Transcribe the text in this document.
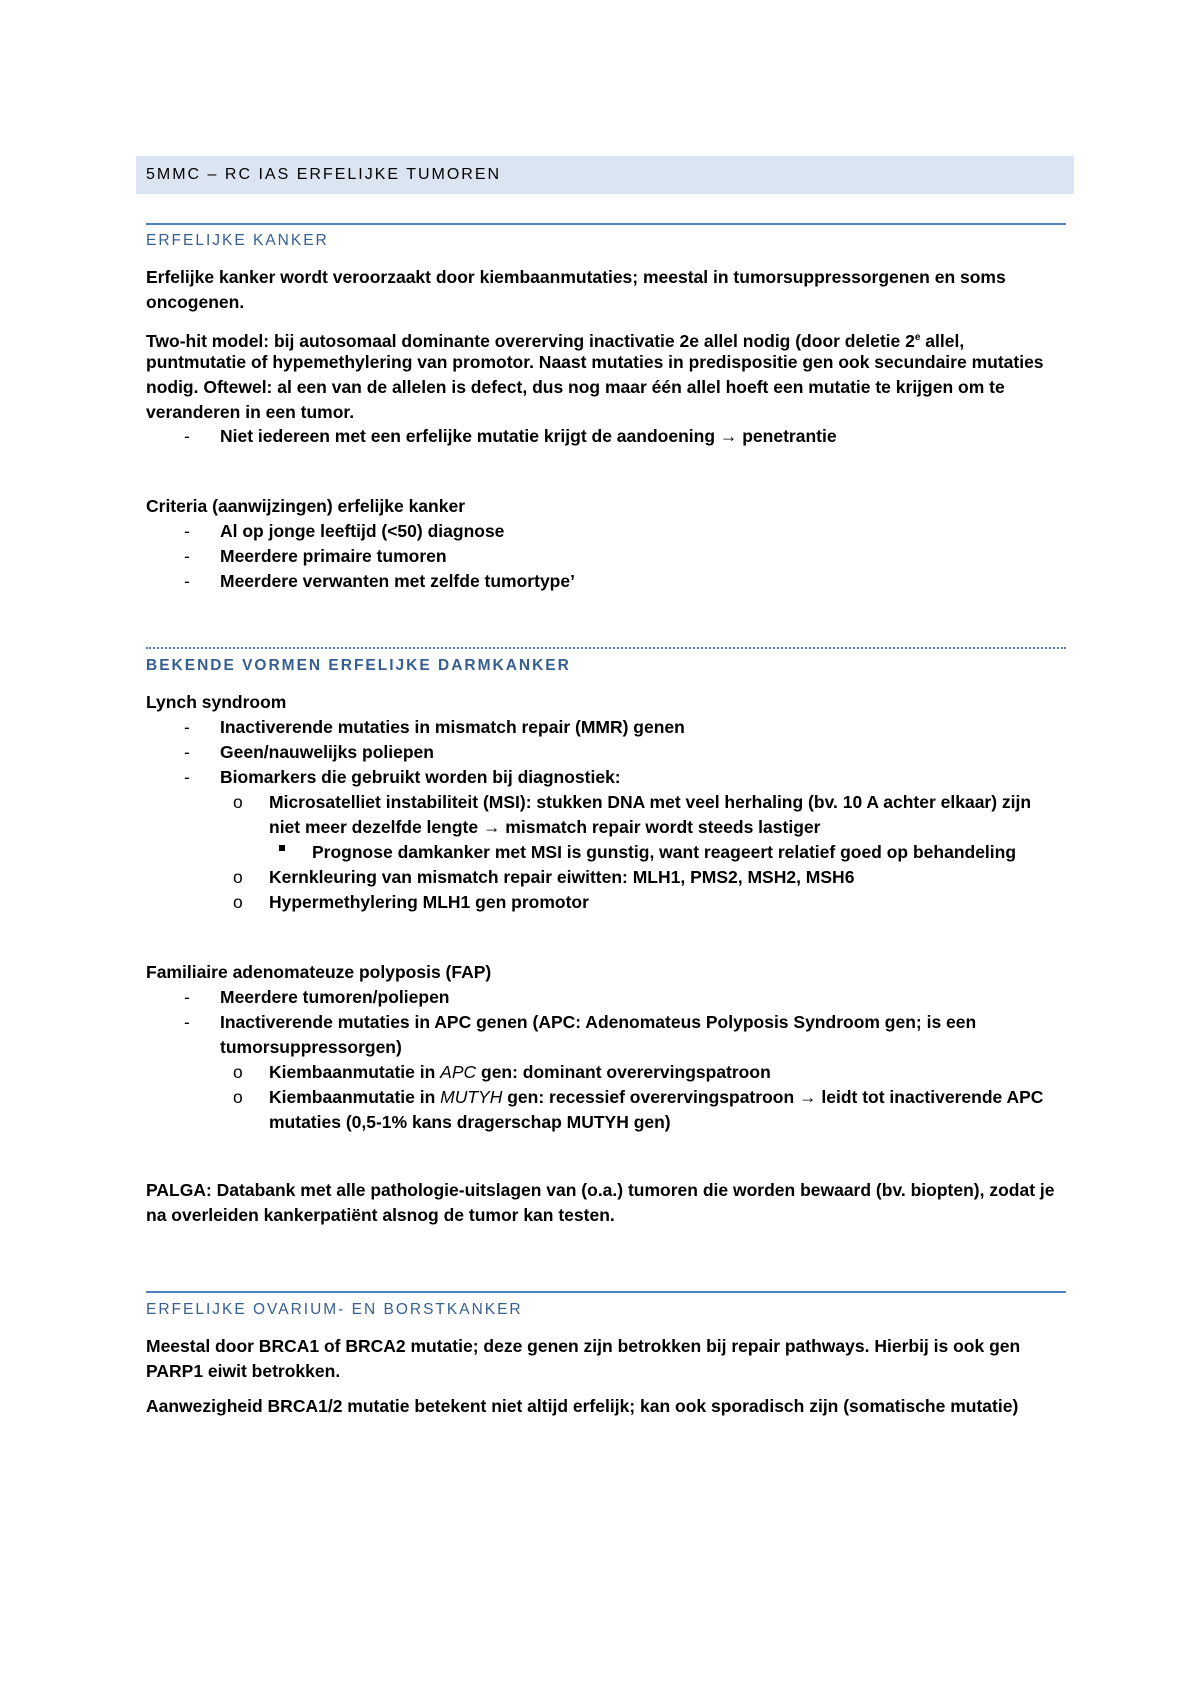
5MMC – RC IAS ERFELIJKE TUMOREN
ERFELIJKE KANKER

Erfelijke kanker wordt veroorzaakt door kiembaanmutaties; meestal in tumorsuppressorgenen en soms

oncogenen.

Two-hit model: bij autosomaal dominante overerving inactivatie 2e allel nodig (door deletie 2e allel,

puntmutatie of hypemethylering van promotor. Naast mutaties in predispositie gen ook secundaire mutaties

nodig. Oftewel: al een van de allelen is defect, dus nog maar één allel hoeft een mutatie te krijgen om te

veranderen in een tumor.

- Niet iedereen met een erfelijke mutatie krijgt de aandoening → penetrantie

Criteria (aanwijzingen) erfelijke kanker

- Al op jonge leeftijd (<50) diagnose

- Meerdere primaire tumoren

- Meerdere verwanten met zelfde tumortype’

BEKENDE VORMEN ERFELIJKE DARMKANKER

Lynch syndroom

- Inactiverende mutaties in mismatch repair (MMR) genen

- Geen/nauwelijks poliepen

- Biomarkers die gebruikt worden bij diagnostiek:

o Microsatelliet instabiliteit (MSI): stukken DNA met veel herhaling (bv. 10 A achter elkaar) zijn

niet meer dezelfde lengte → mismatch repair wordt steeds lastiger

Prognose damkanker met MSI is gunstig, want reageert relatief goed op behandeling

o Kernkleuring van mismatch repair eiwitten: MLH1, PMS2, MSH2, MSH6

o Hypermethylering MLH1 gen promotor

Familiaire adenomateuze polyposis (FAP)

- Meerdere tumoren/poliepen

- Inactiverende mutaties in APC genen (APC: Adenomateus Polyposis Syndroom gen; is een

tumorsuppressorgen)

o Kiembaanmutatie in APC gen: dominant overervingspatroon

o Kiembaanmutatie in MUTYH gen: recessief overervingspatroon → leidt tot inactiverende APC

mutaties (0,5-1% kans dragerschap MUTYH gen)

PALGA: Databank met alle pathologie-uitslagen van (o.a.) tumoren die worden bewaard (bv. biopten), zodat je

na overleiden kankerpatiënt alsnog de tumor kan testen.

ERFELIJKE OVARIUM- EN BORSTKANKER

Meestal door BRCA1 of BRCA2 mutatie; deze genen zijn betrokken bij repair pathways. Hierbij is ook gen

PARP1 eiwit betrokken.

Aanwezigheid BRCA1/2 mutatie betekent niet altijd erfelijk; kan ook sporadisch zijn (somatische mutatie)
